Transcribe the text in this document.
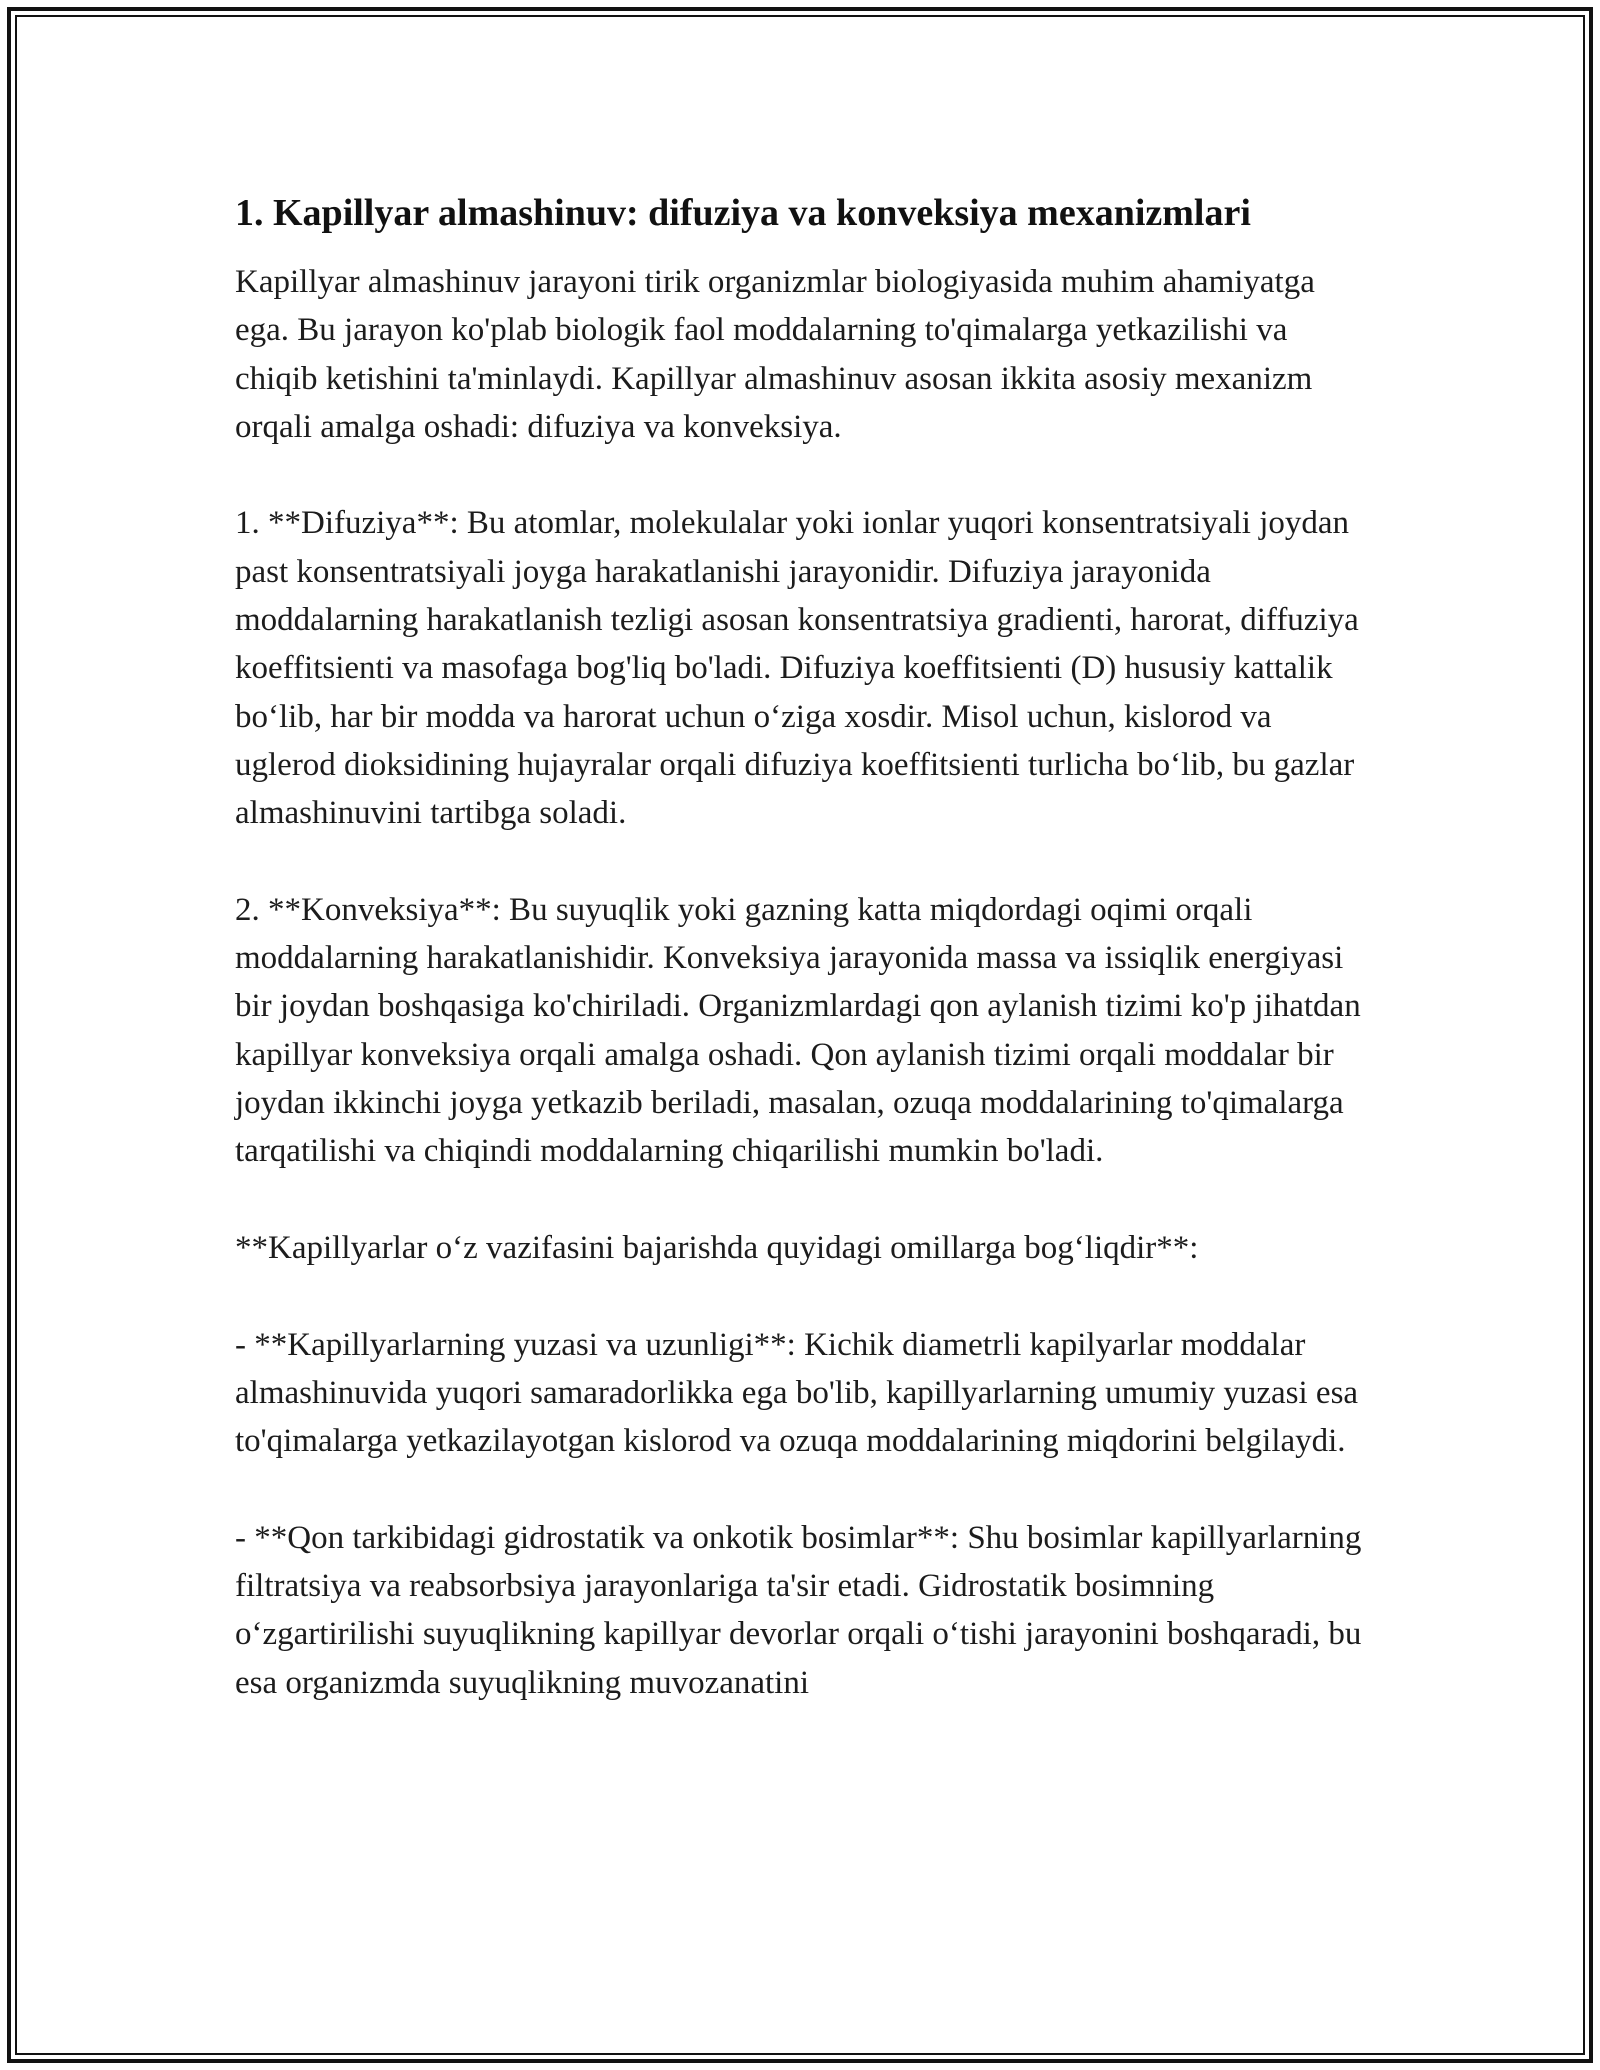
1. Kapillyar almashinuv: difuziya va konveksiya mexanizmlari

Kapillyar almashinuv jarayoni tirik organizmlar biologiyasida muhim ahamiyatga ega. Bu jarayon ko'plab biologik faol moddalarning to'qimalarga yetkazilishi va chiqib ketishini ta'minlaydi. Kapillyar almashinuv asosan ikkita asosiy mexanizm orqali amalga oshadi: difuziya va konveksiya.

1. **Difuziya**: Bu atomlar, molekulalar yoki ionlar yuqori konsentratsiyali joydan past konsentratsiyali joyga harakatlanishi jarayonidir. Difuziya jarayonida moddalarning harakatlanish tezligi asosan konsentratsiya gradienti, harorat, diffuziya koeffitsienti va masofaga bog'liq bo'ladi. Difuziya koeffitsienti (D) hususiy kattalik bo‘lib, har bir modda va harorat uchun o‘ziga xosdir. Misol uchun, kislorod va uglerod dioksidining hujayralar orqali difuziya koeffitsienti turlicha bo‘lib, bu gazlar almashinuvini tartibga soladi.

2. **Konveksiya**: Bu suyuqlik yoki gazning katta miqdordagi oqimi orqali moddalarning harakatlanishidir. Konveksiya jarayonida massa va issiqlik energiyasi bir joydan boshqasiga ko'chiriladi. Organizmlardagi qon aylanish tizimi ko'p jihatdan kapillyar konveksiya orqali amalga oshadi. Qon aylanish tizimi orqali moddalar bir joydan ikkinchi joyga yetkazib beriladi, masalan, ozuqa moddalarining to'qimalarga tarqatilishi va chiqindi moddalarning chiqarilishi mumkin bo'ladi.

**Kapillyarlar o‘z vazifasini bajarishda quyidagi omillarga bog‘liqdir**:

- **Kapillyarlarning yuzasi va uzunligi**: Kichik diametrli kapilyarlar moddalar almashinuvida yuqori samaradorlikka ega bo'lib, kapillyarlarning umumiy yuzasi esa to'qimalarga yetkazilayotgan kislorod va ozuqa moddalarining miqdorini belgilaydi.

- **Qon tarkibidagi gidrostatik va onkotik bosimlar**: Shu bosimlar kapillyarlarning filtratsiya va reabsorbsiya jarayonlariga ta'sir etadi. Gidrostatik bosimning o‘zgartirilishi suyuqlikning kapillyar devorlar orqali o‘tishi jarayonini boshqaradi, bu esa organizmda suyuqlikning muvozanatini
